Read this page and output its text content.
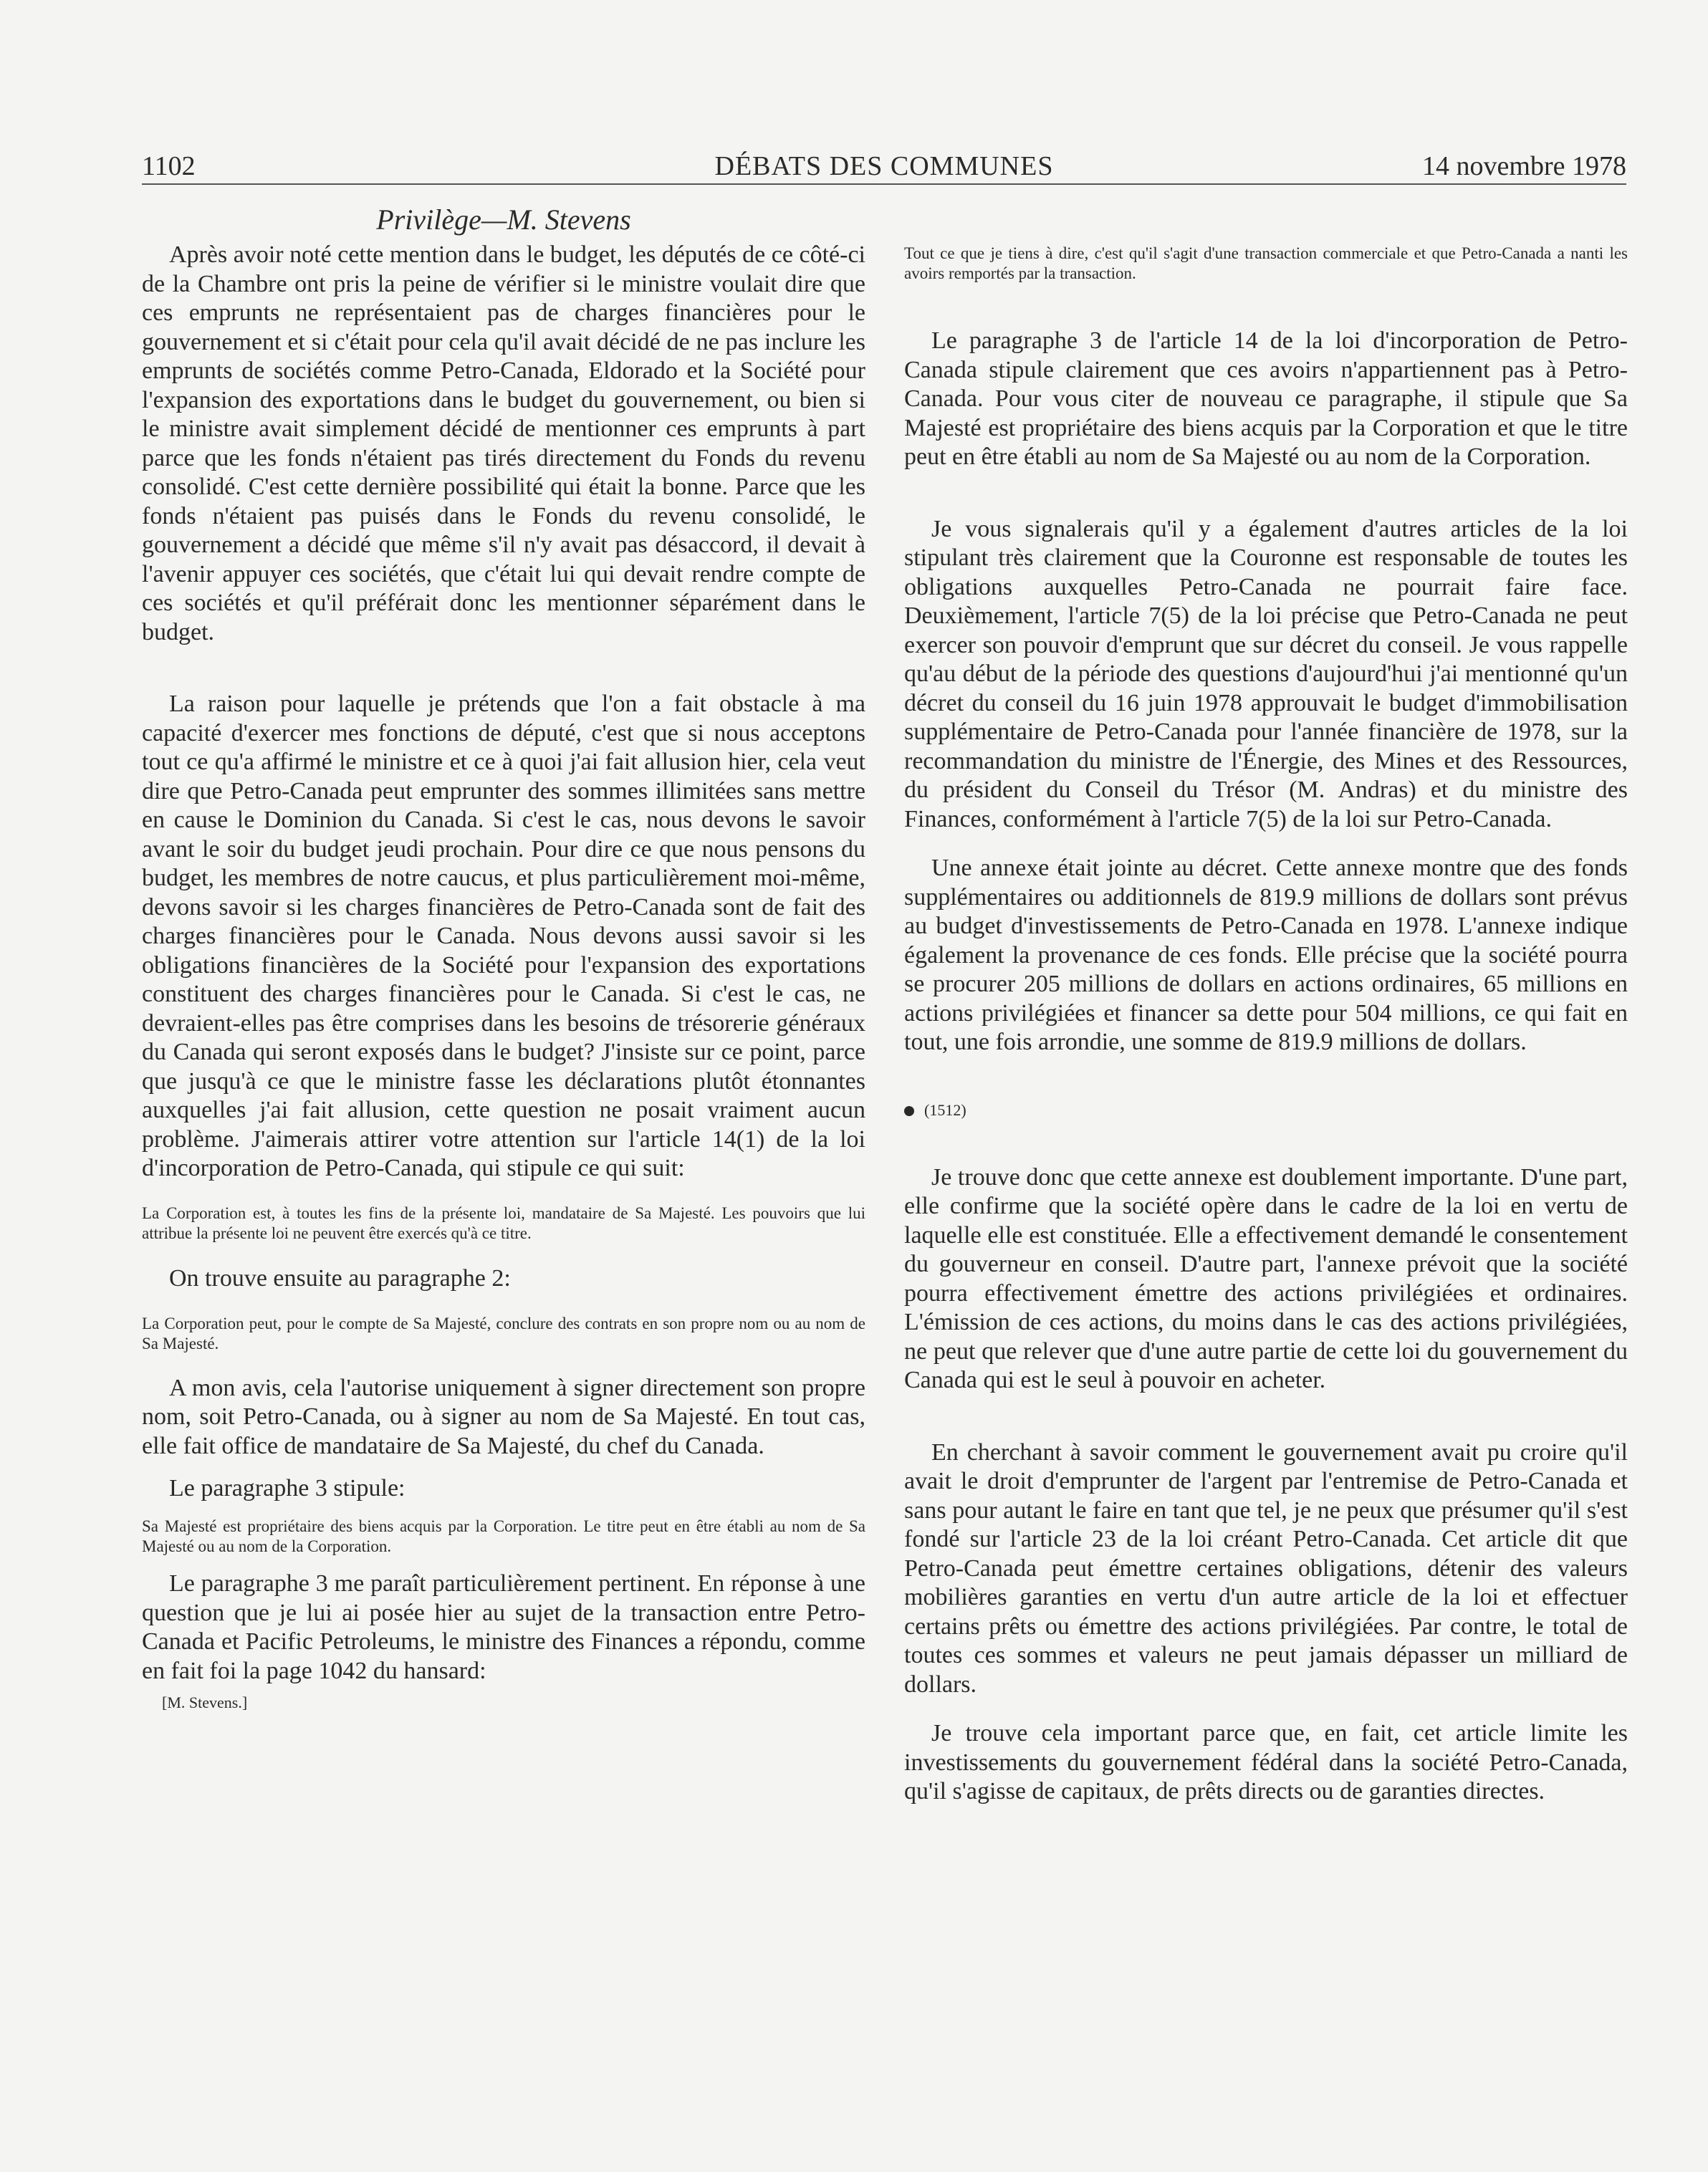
DÉBATS DES COMMUNES
1102	14 novembre 1978
Privilège—M. Stevens

Après avoir noté cette mention dans le budget, les députés de ce côté-ci de la Chambre ont pris la peine de vérifier si le ministre voulait dire que ces emprunts ne représentaient pas de charges financières pour le gouvernement et si c'était pour cela qu'il avait décidé de ne pas inclure les emprunts de sociétés comme Petro-Canada, Eldorado et la Société pour l'expansion des exportations dans le budget du gouvernement, ou bien si le ministre avait simplement décidé de mentionner ces emprunts à part parce que les fonds n'étaient pas tirés directement du Fonds du revenu consolidé. C'est cette dernière possibilité qui était la bonne. Parce que les fonds n'étaient pas puisés dans le Fonds du revenu consolidé, le gouvernement a décidé que même s'il n'y avait pas désaccord, il devait à l'avenir appuyer ces sociétés, que c'était lui qui devait rendre compte de ces sociétés et qu'il préférait donc les mentionner séparément dans le budget.

La raison pour laquelle je prétends que l'on a fait obstacle à ma capacité d'exercer mes fonctions de député, c'est que si nous acceptons tout ce qu'a affirmé le ministre et ce à quoi j'ai fait allusion hier, cela veut dire que Petro-Canada peut emprunter des sommes illimitées sans mettre en cause le Dominion du Canada. Si c'est le cas, nous devons le savoir avant le soir du budget jeudi prochain. Pour dire ce que nous pensons du budget, les membres de notre caucus, et plus particulièrement moi-même, devons savoir si les charges financières de Petro-Canada sont de fait des charges financières pour le Canada. Nous devons aussi savoir si les obligations financières de la Société pour l'expansion des exportations constituent des charges financières pour le Canada. Si c'est le cas, ne devraient-elles pas être comprises dans les besoins de trésorerie généraux du Canada qui seront exposés dans le budget? J'insiste sur ce point, parce que jusqu'à ce que le ministre fasse les déclarations plutôt étonnantes auxquelles j'ai fait allusion, cette question ne posait vraiment aucun problème. J'aimerais attirer votre attention sur l'article 14(1) de la loi d'incorporation de Petro-Canada, qui stipule ce qui suit:

La Corporation est, à toutes les fins de la présente loi, mandataire de Sa Majesté. Les pouvoirs que lui attribue la présente loi ne peuvent être exercés qu'à ce titre.

On trouve ensuite au paragraphe 2:

La Corporation peut, pour le compte de Sa Majesté, conclure des contrats en son propre nom ou au nom de Sa Majesté.

A mon avis, cela l'autorise uniquement à signer directement son propre nom, soit Petro-Canada, ou à signer au nom de Sa Majesté. En tout cas, elle fait office de mandataire de Sa Majesté, du chef du Canada.

Le paragraphe 3 stipule:

Sa Majesté est propriétaire des biens acquis par la Corporation. Le titre peut en être établi au nom de Sa Majesté ou au nom de la Corporation.

Le paragraphe 3 me paraît particulièrement pertinent. En réponse à une question que je lui ai posée hier au sujet de la transaction entre Petro-Canada et Pacific Petroleums, le ministre des Finances a répondu, comme en fait foi la page 1042 du hansard:

[M. Stevens.]

Tout ce que je tiens à dire, c'est qu'il s'agit d'une transaction commerciale et que Petro-Canada a nanti les avoirs remportés par la transaction.

Le paragraphe 3 de l'article 14 de la loi d'incorporation de Petro-Canada stipule clairement que ces avoirs n'appartiennent pas à Petro-Canada. Pour vous citer de nouveau ce paragraphe, il stipule que Sa Majesté est propriétaire des biens acquis par la Corporation et que le titre peut en être établi au nom de Sa Majesté ou au nom de la Corporation.

Je vous signalerais qu'il y a également d'autres articles de la loi stipulant très clairement que la Couronne est responsable de toutes les obligations auxquelles Petro-Canada ne pourrait faire face. Deuxièmement, l'article 7(5) de la loi précise que Petro-Canada ne peut exercer son pouvoir d'emprunt que sur décret du conseil. Je vous rappelle qu'au début de la période des questions d'aujourd'hui j'ai mentionné qu'un décret du conseil du 16 juin 1978 approuvait le budget d'immobilisation supplémentaire de Petro-Canada pour l'année financière de 1978, sur la recommandation du ministre de l'Énergie, des Mines et des Ressources, du président du Conseil du Trésor (M. Andras) et du ministre des Finances, conformément à l'article 7(5) de la loi sur Petro-Canada.

Une annexe était jointe au décret. Cette annexe montre que des fonds supplémentaires ou additionnels de 819.9 millions de dollars sont prévus au budget d'investissements de Petro-Canada en 1978. L'annexe indique également la provenance de ces fonds. Elle précise que la société pourra se procurer 205 millions de dollars en actions ordinaires, 65 millions en actions privilégiées et financer sa dette pour 504 millions, ce qui fait en tout, une fois arrondie, une somme de 819.9 millions de dollars.

(1512)

Je trouve donc que cette annexe est doublement importante. D'une part, elle confirme que la société opère dans le cadre de la loi en vertu de laquelle elle est constituée. Elle a effectivement demandé le consentement du gouverneur en conseil. D'autre part, l'annexe prévoit que la société pourra effectivement émettre des actions privilégiées et ordinaires. L'émission de ces actions, du moins dans le cas des actions privilégiées, ne peut que relever que d'une autre partie de cette loi du gouvernement du Canada qui est le seul à pouvoir en acheter.

En cherchant à savoir comment le gouvernement avait pu croire qu'il avait le droit d'emprunter de l'argent par l'entremise de Petro-Canada et sans pour autant le faire en tant que tel, je ne peux que présumer qu'il s'est fondé sur l'article 23 de la loi créant Petro-Canada. Cet article dit que Petro-Canada peut émettre certaines obligations, détenir des valeurs mobilières garanties en vertu d'un autre article de la loi et effectuer certains prêts ou émettre des actions privilégiées. Par contre, le total de toutes ces sommes et valeurs ne peut jamais dépasser un milliard de dollars.

Je trouve cela important parce que, en fait, cet article limite les investissements du gouvernement fédéral dans la société Petro-Canada, qu'il s'agisse de capitaux, de prêts directs ou de garanties directes.
